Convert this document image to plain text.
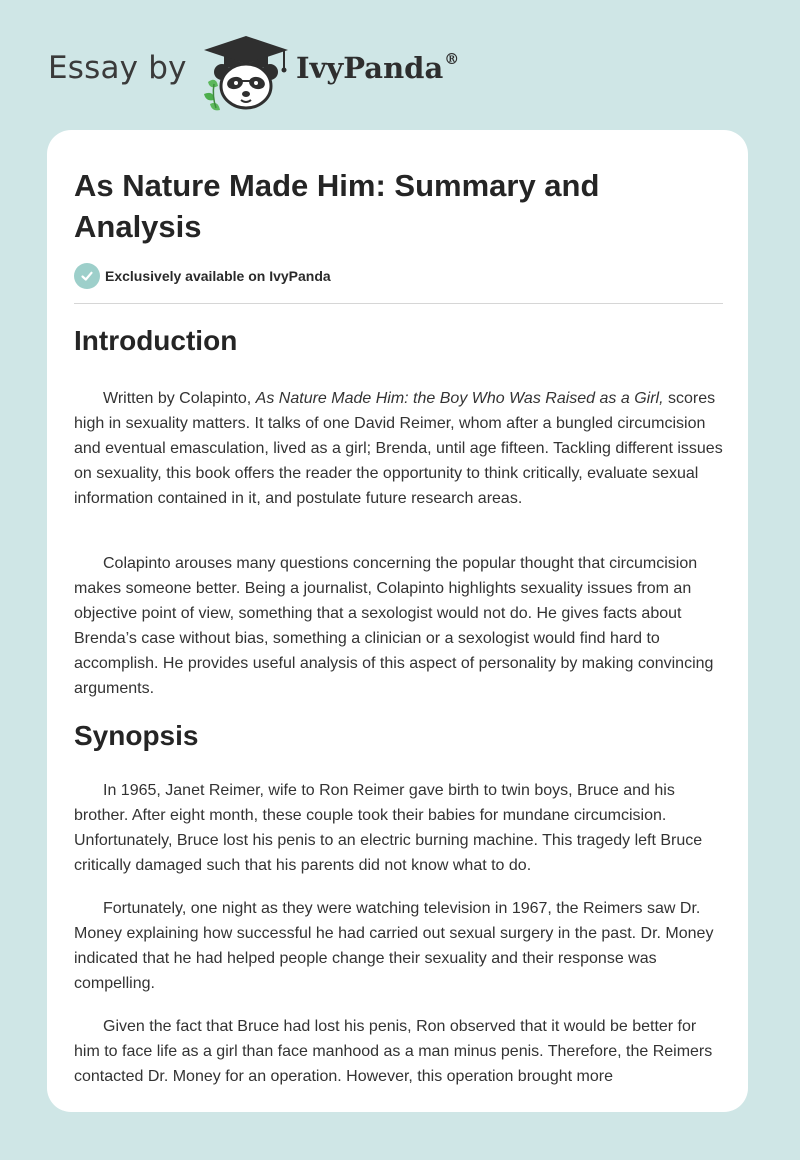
Essay by	IvyPanda®
As Nature Made Him: Summary and Analysis
Exclusively available on IvyPanda
Introduction

Written by Colapinto, As Nature Made Him: the Boy Who Was Raised as a Girl, scores high in sexuality matters. It talks of one David Reimer, whom after a bungled circumcision and eventual emasculation, lived as a girl; Brenda, until age fifteen. Tackling different issues on sexuality, this book offers the reader the opportunity to think critically, evaluate sexual information contained in it, and postulate future research areas.

Colapinto arouses many questions concerning the popular thought that circumcision makes someone better. Being a journalist, Colapinto highlights sexuality issues from an objective point of view, something that a sexologist would not do. He gives facts about Brenda’s case without bias, something a clinician or a sexologist would find hard to accomplish. He provides useful analysis of this aspect of personality by making convincing arguments.

Synopsis

In 1965, Janet Reimer, wife to Ron Reimer gave birth to twin boys, Bruce and his brother. After eight month, these couple took their babies for mundane circumcision. Unfortunately, Bruce lost his penis to an electric burning machine. This tragedy left Bruce critically damaged such that his parents did not know what to do.

Fortunately, one night as they were watching television in 1967, the Reimers saw Dr. Money explaining how successful he had carried out sexual surgery in the past. Dr. Money indicated that he had helped people change their sexuality and their response was compelling.

Given the fact that Bruce had lost his penis, Ron observed that it would be better for him to face life as a girl than face manhood as a man minus penis. Therefore, the Reimers contacted Dr. Money for an operation. However, this operation brought more
